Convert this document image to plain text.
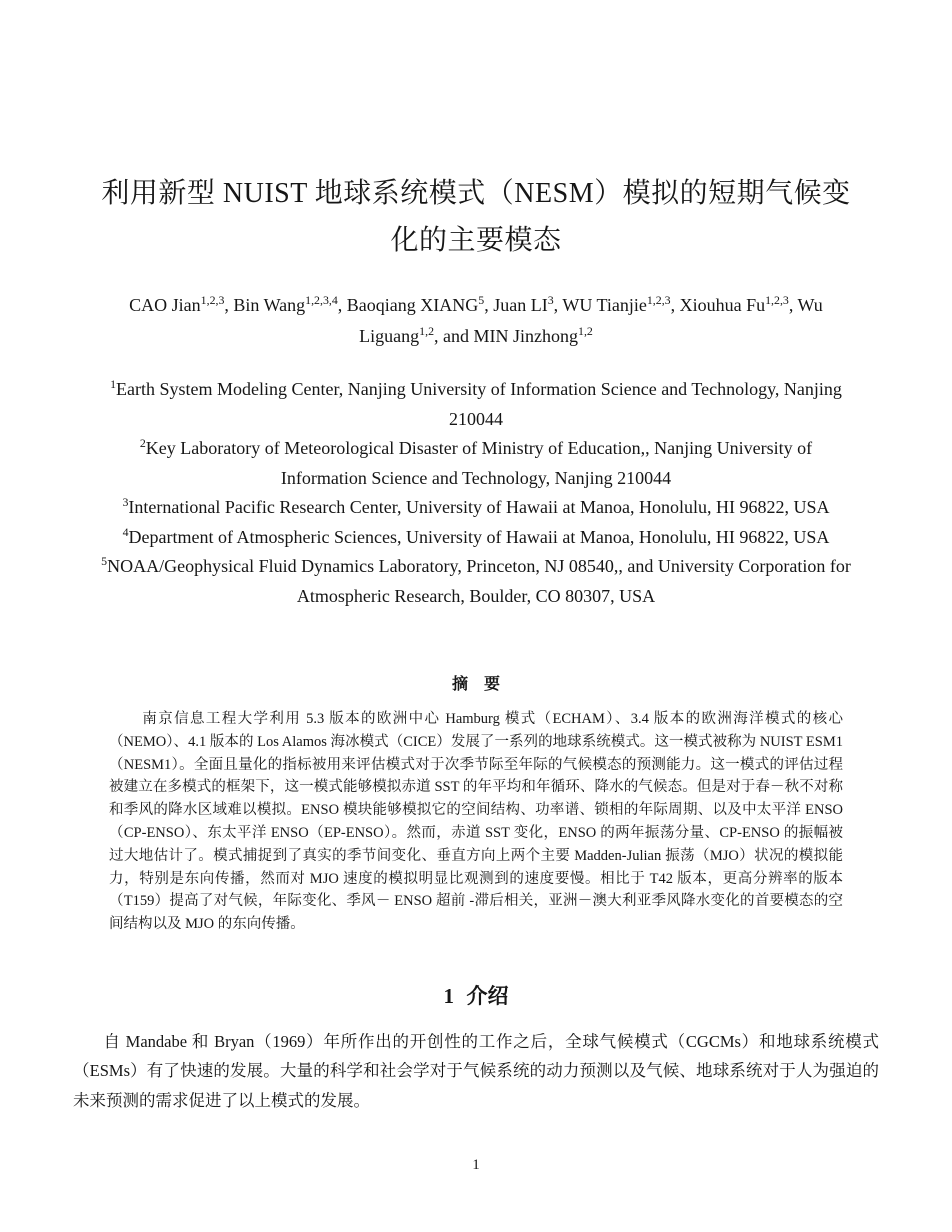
利用新型 NUIST 地球系统模式（NESM）模拟的短期气候变化的主要模态
CAO Jian$^{1,2,3}$, Bin Wang$^{1,2,3,4}$, Baoqiang XIANG$^5$, Juan $LI^3$, WU Tianjie$^{1,2,3}$, Xiouhua Fu$^{1,2,3}$, Wu Liguang$^{1,2}$, and MIN Jinzhong$^{1,2}$
$^1$Earth System Modeling Center, Nanjing University of Information Science and Technology, Nanjing 210044
$^2$Key Laboratory of Meteorological Disaster of Ministry of Education,, Nanjing University of Information Science and Technology, Nanjing 210044
$^3$International Pacific Research Center, University of Hawaii at Manoa, Honolulu, HI 96822, USA
$^4$Department of Atmospheric Sciences, University of Hawaii at Manoa, Honolulu, HI 96822, USA
$^5$NOAA/Geophysical Fluid Dynamics Laboratory, Princeton, NJ 08540,, and University Corporation for Atmospheric Research, Boulder, CO 80307, USA
摘　要

南京信息工程大学利用 5.3 版本的欧洲中心 Hamburg 模式（ECHAM）、3.4 版本的欧洲海洋模式的核心（NEMO）、4.1 版本的 Los Alamos 海冰模式（CICE）发展了一系列的地球系统模式。这一模式被称为 NUIST ESM1（NESM1）。全面且量化的指标被用来评估模式对于次季节际至年际的气候模态的预测能力。这一模式的评估过程被建立在多模式的框架下，这一模式能够模拟赤道 SST 的年平均和年循环、降水的气候态。但是对于春－秋不对称和季风的降水区域难以模拟。ENSO 模块能够模拟它的空间结构、功率谱、锁相的年际周期、以及中太平洋 ENSO（CP-ENSO）、东太平洋 ENSO（EP-ENSO）。然而，赤道 SST 变化，ENSO 的两年振荡分量、CP-ENSO 的振幅被过大地估计了。模式捕捉到了真实的季节间变化、垂直方向上两个主要 Madden-Julian 振荡（MJO）状况的模拟能力，特别是东向传播，然而对 MJO 速度的模拟明显比观测到的速度要慢。相比于 T42 版本，更高分辨率的版本（T159）提高了对气候，年际变化、季风－ ENSO 超前 -滞后相关，亚洲－澳大利亚季风降水变化的首要模态的空间结构以及 MJO 的东向传播。

1 介绍

自 Mandabe 和 Bryan（1969）年所作出的开创性的工作之后，全球气候模式（CGCMs）和地球系统模式（ESMs）有了快速的发展。大量的科学和社会学对于气候系统的动力预测以及气候、地球系统对于人为强迫的未来预测的需求促进了以上模式的发展。

1
